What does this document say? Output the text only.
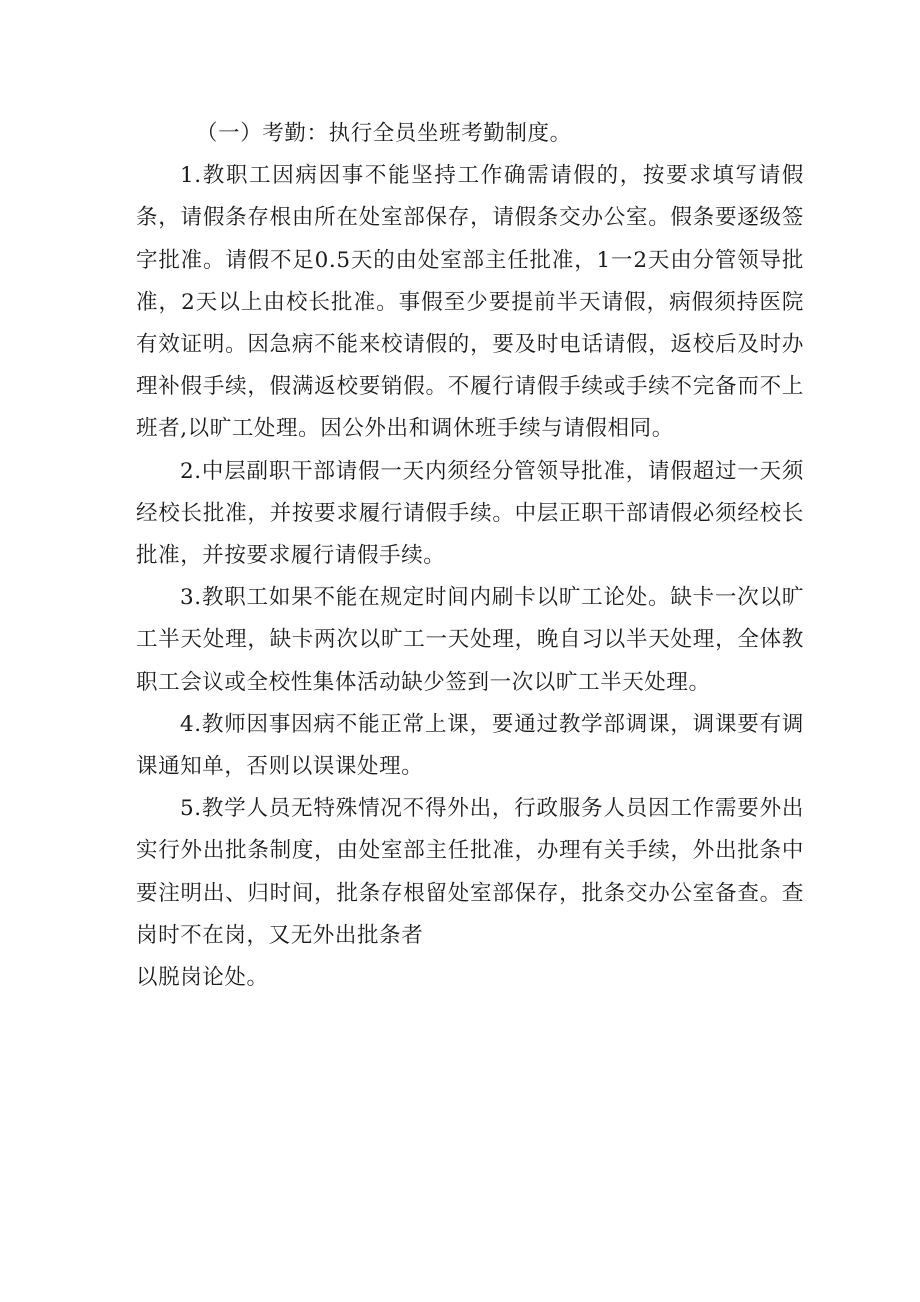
（一）考勤：执行全员坐班考勤制度。

1.教职工因病因事不能坚持工作确需请假的，按要求填写请假条，请假条存根由所在处室部保存，请假条交办公室。假条要逐级签字批准。请假不足0.5天的由处室部主任批准，1一2天由分管领导批准，2天以上由校长批准。事假至少要提前半天请假，病假须持医院有效证明。因急病不能来校请假的，要及时电话请假，返校后及时办理补假手续，假满返校要销假。不履行请假手续或手续不完备而不上班者,以旷工处理。因公外出和调休班手续与请假相同。

2.中层副职干部请假一天内须经分管领导批准，请假超过一天须经校长批准，并按要求履行请假手续。中层正职干部请假必须经校长批准，并按要求履行请假手续。

3.教职工如果不能在规定时间内刷卡以旷工论处。缺卡一次以旷工半天处理，缺卡两次以旷工一天处理，晚自习以半天处理，全体教职工会议或全校性集体活动缺少签到一次以旷工半天处理。

4.教师因事因病不能正常上课，要通过教学部调课，调课要有调课通知单，否则以误课处理。

5.教学人员无特殊情况不得外出，行政服务人员因工作需要外出实行外出批条制度，由处室部主任批准，办理有关手续，外出批条中要注明出、归时间，批条存根留处室部保存，批条交办公室备查。查岗时不在岗，又无外出批条者

以脱岗论处。
